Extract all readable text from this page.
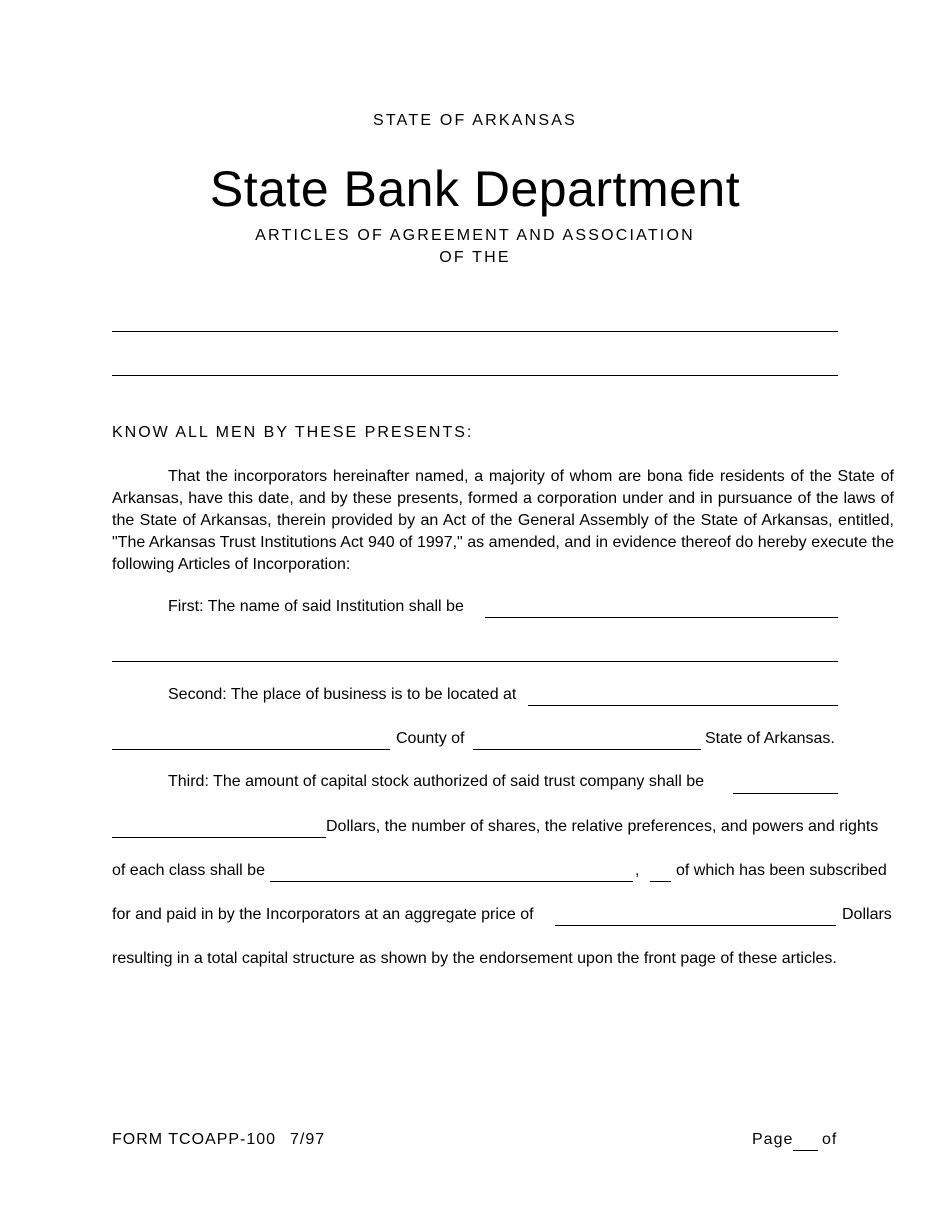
STATE OF ARKANSAS
State Bank Department
ARTICLES OF AGREEMENT AND ASSOCIATION
OF THE
KNOW ALL MEN BY THESE PRESENTS:
That the incorporators hereinafter named, a majority of whom are bona fide residents of the State of Arkansas, have this date, and by these presents, formed a corporation under and in pursuance of the laws of the State of Arkansas, therein provided by an Act of the General Assembly of the State of Arkansas, entitled, "The Arkansas Trust Institutions Act 940 of 1997," as amended, and in evidence thereof do hereby execute the following Articles of Incorporation:
First: The name of said Institution shall be
Second: The place of business is to be located at
County of	State of Arkansas.
Third: The amount of capital stock authorized of said trust company shall be
Dollars, the number of shares, the relative preferences, and powers and rights
of each class shall be	, of which has been subscribed
for and paid in by the Incorporators at an aggregate price of	Dollars
resulting in a total capital structure as shown by the endorsement upon the front page of these articles.
FORM TCOAPP-100 7/97	Page of
